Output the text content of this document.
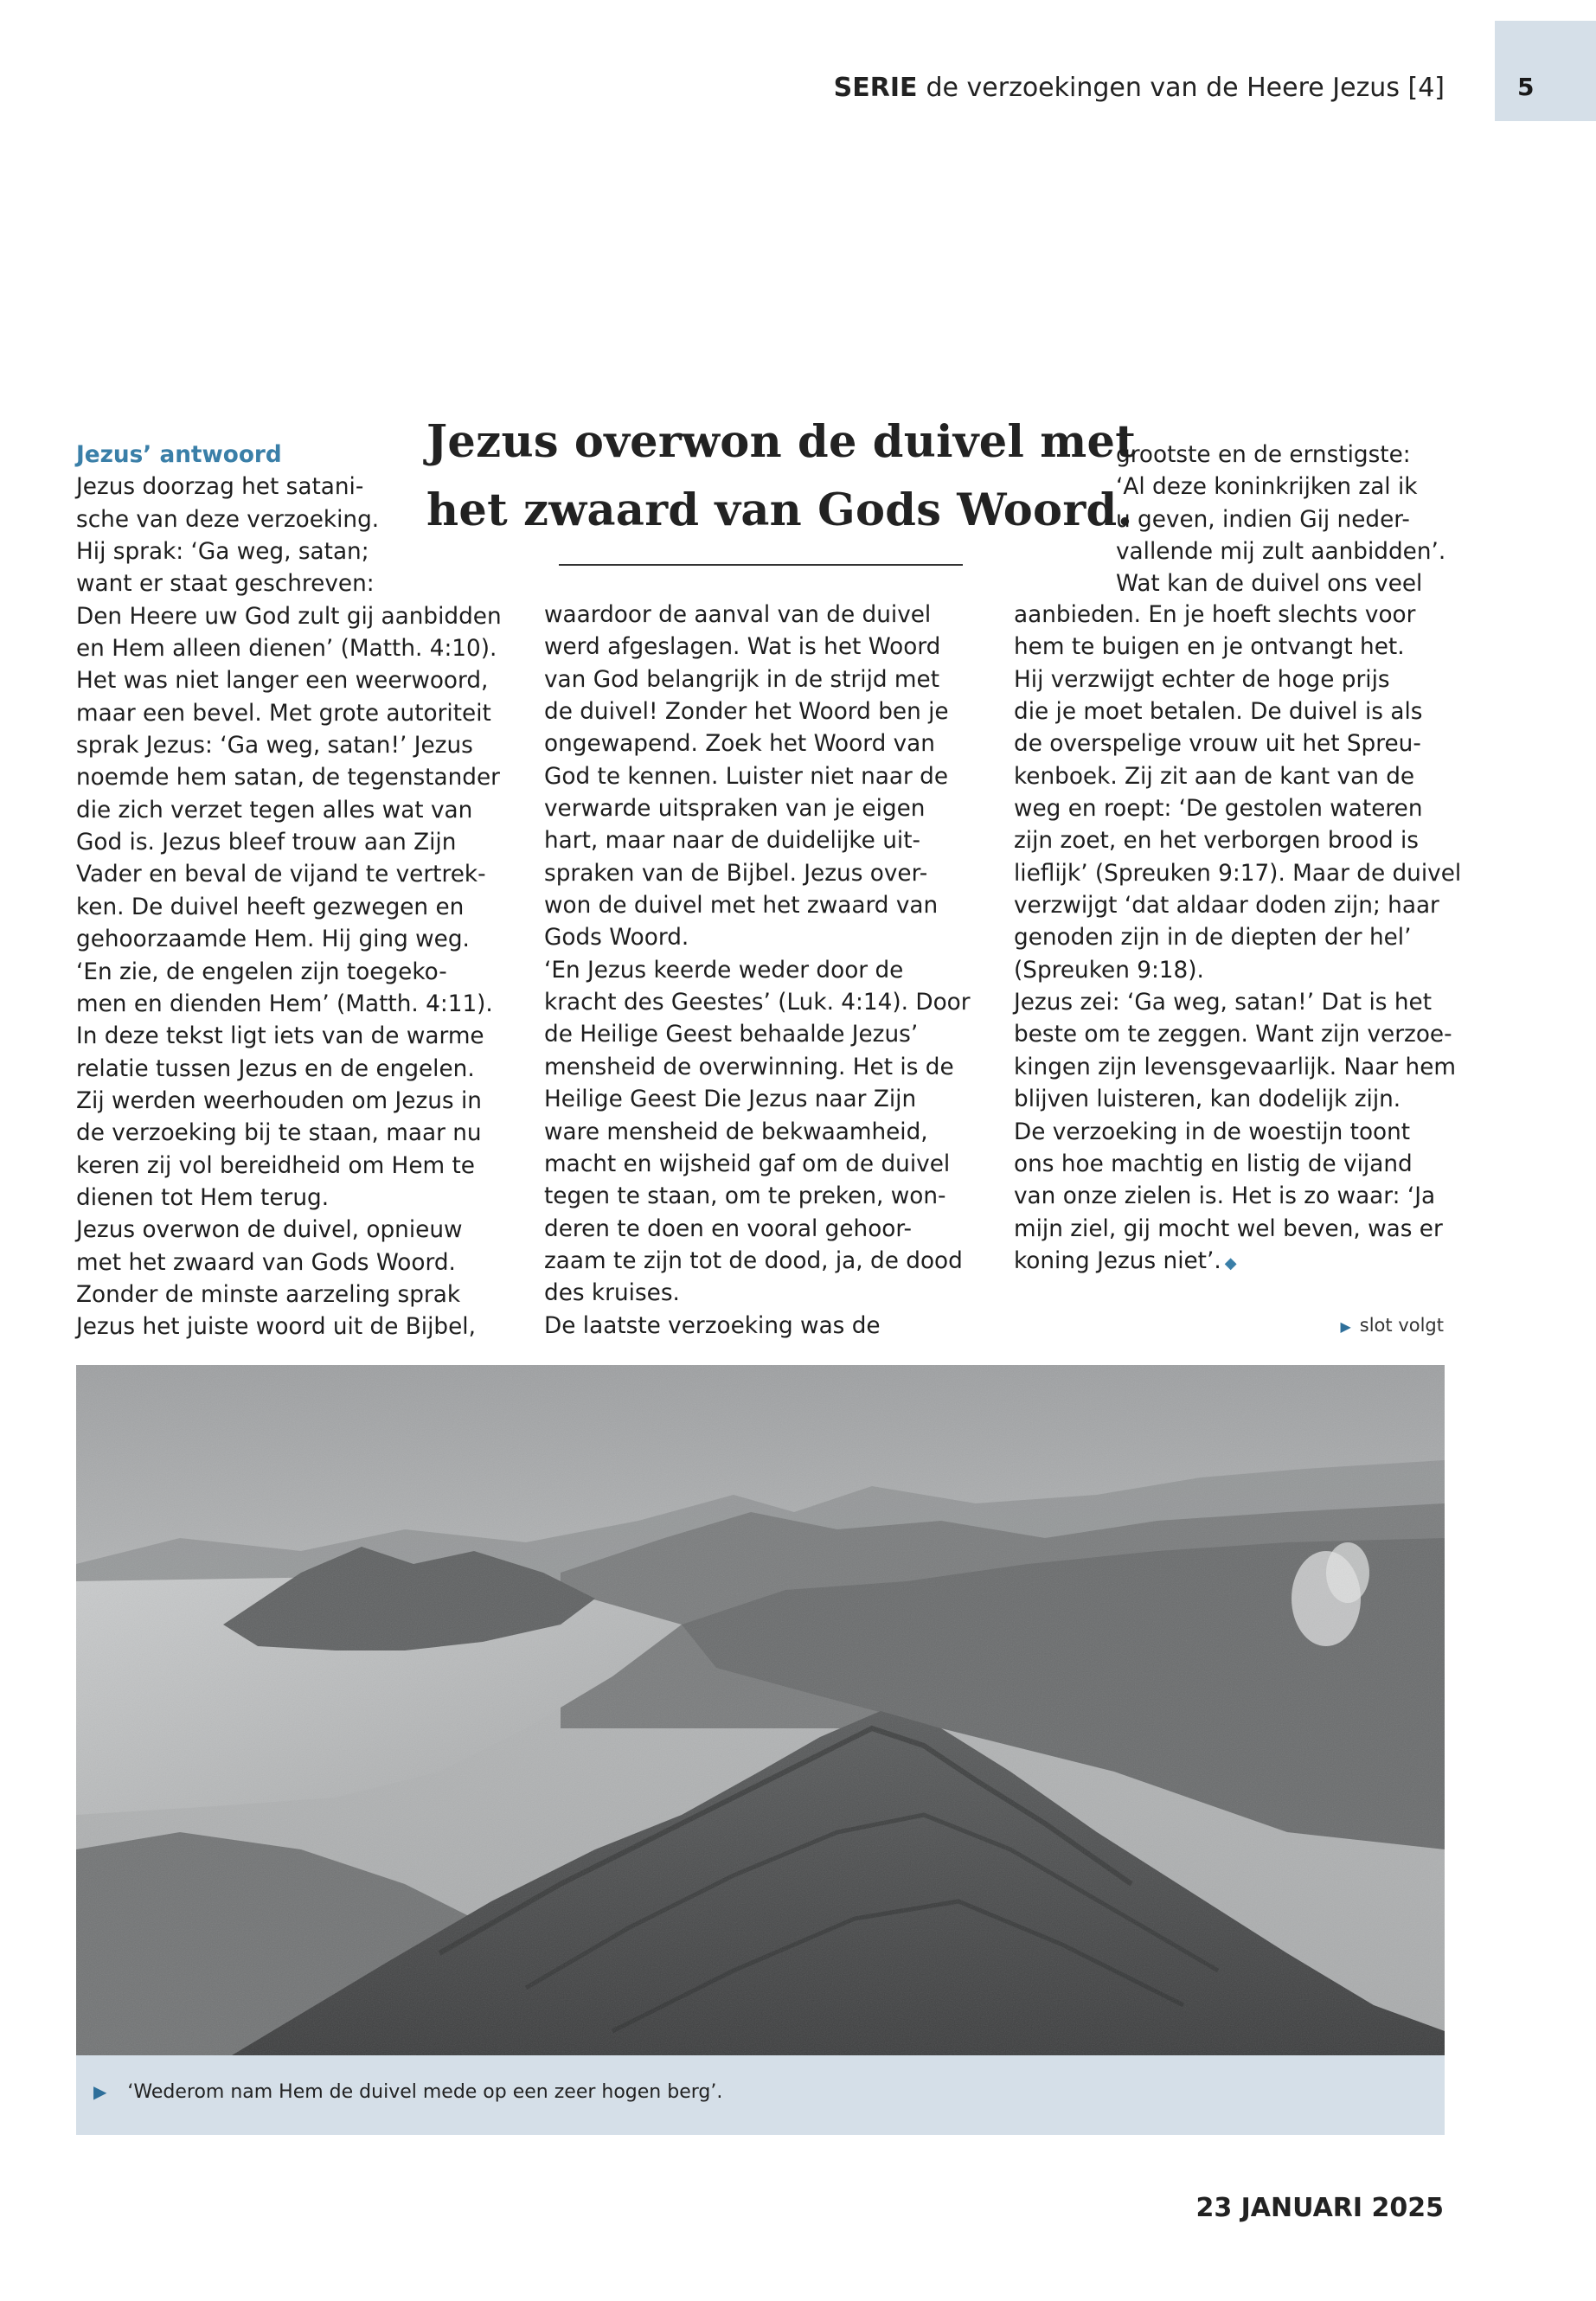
SERIE de verzoekingen van de Heere Jezus [4]	5
Jezus overwon de duivel met
het zwaard van Gods Woord.
Jezus’ antwoord
Jezus doorzag het satani-
sche van deze verzoeking.
Hij sprak: ‘Ga weg, satan;
want er staat geschreven:
Den Heere uw God zult gij aanbidden
en Hem alleen dienen’ (Matth. 4:10).
Het was niet langer een weerwoord,
maar een bevel. Met grote autoriteit
sprak Jezus: ‘Ga weg, satan!’ Jezus
noemde hem satan, de tegenstander
die zich verzet tegen alles wat van
God is. Jezus bleef trouw aan Zijn
Vader en beval de vijand te vertrek-
ken. De duivel heeft gezwegen en
gehoorzaamde Hem. Hij ging weg.
‘En zie, de engelen zijn toegeko-
men en dienden Hem’ (Matth. 4:11).
In deze tekst ligt iets van de warme
relatie tussen Jezus en de engelen.
Zij werden weerhouden om Jezus in
de verzoeking bij te staan, maar nu
keren zij vol bereidheid om Hem te
dienen tot Hem terug.
Jezus overwon de duivel, opnieuw
met het zwaard van Gods Woord.
Zonder de minste aarzeling sprak
Jezus het juiste woord uit de Bijbel,
waardoor de aanval van de duivel
werd afgeslagen. Wat is het Woord
van God belangrijk in de strijd met
de duivel! Zonder het Woord ben je
ongewapend. Zoek het Woord van
God te kennen. Luister niet naar de
verwarde uitspraken van je eigen
hart, maar naar de duidelijke uit-
spraken van de Bijbel. Jezus over-
won de duivel met het zwaard van
Gods Woord.
‘En Jezus keerde weder door de
kracht des Geestes’ (Luk. 4:14). Door
de Heilige Geest behaalde Jezus’
mensheid de overwinning. Het is de
Heilige Geest Die Jezus naar Zijn
ware mensheid de bekwaamheid,
macht en wijsheid gaf om de duivel
tegen te staan, om te preken, won-
deren te doen en vooral gehoor-
zaam te zijn tot de dood, ja, de dood
des kruises.
De laatste verzoeking was de
grootste en de ernstigste:
‘Al deze koninkrijken zal ik
u geven, indien Gij neder-
vallende mij zult aanbidden’.
Wat kan de duivel ons veel
aanbieden. En je hoeft slechts voor
hem te buigen en je ontvangt het.
Hij verzwijgt echter de hoge prijs
die je moet betalen. De duivel is als
de overspelige vrouw uit het Spreu-
kenboek. Zij zit aan de kant van de
weg en roept: ‘De gestolen wateren
zijn zoet, en het verborgen brood is
lieflijk’ (Spreuken 9:17). Maar de duivel
verzwijgt ‘dat aldaar doden zijn; haar
genoden zijn in de diepten der hel’
(Spreuken 9:18).
Jezus zei: ‘Ga weg, satan!’ Dat is het
beste om te zeggen. Want zijn verzoe-
kingen zijn levensgevaarlijk. Naar hem
blijven luisteren, kan dodelijk zijn.
De verzoeking in de woestijn toont
ons hoe machtig en listig de vijand
van onze zielen is. Het is zo waar: ‘Ja
mijn ziel, gij mocht wel beven, was er
koning Jezus niet’. ◆
▶ slot volgt
▶ ‘Wederom nam Hem de duivel mede op een zeer hogen berg’.
23 JANUARI 2025
